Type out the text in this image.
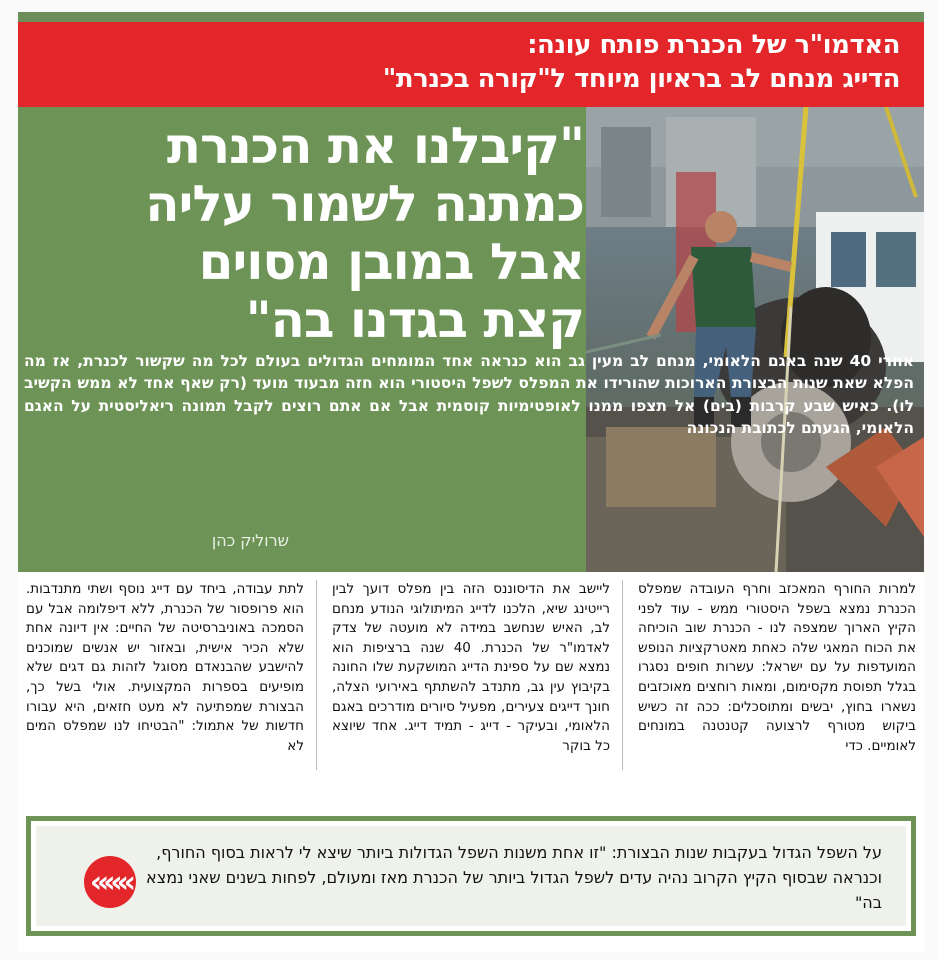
האדמו"ר של הכנרת פותח עונה:
הדייג מנחם לב בראיון מיוחד ל"קורה בכנרת"
"קיבלנו את הכנרת
כמתנה לשמור עליה
אבל במובן מסוים
קצת בגדנו בה"
אחרי 40 שנה באגם הלאומי, מנחם לב מעין גב הוא כנראה אחד המומחים הגדולים בעולם לכל מה שקשור לכנרת, אז מה הפלא שאת שנות הבצורת הארוכות שהורידו את המפלס לשפל היסטורי הוא חזה מבעוד מועד (רק שאף אחד לא ממש הקשיב לו). כאיש שבע קרבות (בים) אל תצפו ממנו לאופטימיות קוסמית אבל אם אתם רוצים לקבל תמונה ריאליסטית על האגם הלאומי, הגעתם לכתובת הנכונה
שרוליק כהן
למרות החורף המאכזב וחרף העובדה שמפלס הכנרת נמצא בשפל היסטורי ממש - עוד לפני הקיץ הארוך שמצפה לנו - הכנרת שוב הוכיחה את הכוח המאגי שלה כאחת מאטרקציות הנופש המועדפות על עם ישראל: עשרות חופים נסגרו בגלל תפוסת מקסימום, ומאות רוחצים מאוכזבים נשארו בחוץ, יבשים ומתוסכלים: ככה זה כשיש ביקוש מטורף לרצועה קטנטנה במונחים לאומיים. כדי
ליישב את הדיסוננס הזה בין מפלס דועך לבין רייטינג שיא, הלכנו לדייג המיתולוגי הנודע מנחם לב, האיש שנחשב במידה לא מועטה של צדק לאדמו"ר של הכנרת. 40 שנה ברציפות הוא נמצא שם על ספינת הדייג המושקעת שלו החונה בקיבוץ עין גב, מתנדב להשתתף באירועי הצלה, חונך דייגים צעירים, מפעיל סיורים מודרכים באגם הלאומי, ובעיקר - דייג - תמיד דייג. אחד שיוצא כל בוקר
לתת עבודה, ביחד עם דייג נוסף ושתי מתנדבות. הוא פרופסור של הכנרת, ללא דיפלומה אבל עם הסמכה באוניברסיטה של החיים: אין דיונה אחת שלא הכיר אישית, ובאזור יש אנשים שמוכנים להישבע שהבנאדם מסוגל לזהות גם דגים שלא מופיעים בספרות המקצועית. אולי בשל כך, הבצורת שמפתיעה לא מעט חזאים, היא עבורו חדשות של אתמול: "הבטיחו לנו שמפלס המים לא
על השפל הגדול בעקבות שנות הבצורת: "זו אחת משנות השפל הגדולות ביותר שיצא לי לראות בסוף החורף, וכנראה שבסוף הקיץ הקרוב נהיה עדים לשפל הגדול ביותר של הכנרת מאז ומעולם, לפחות בשנים שאני נמצא בה"
«««
